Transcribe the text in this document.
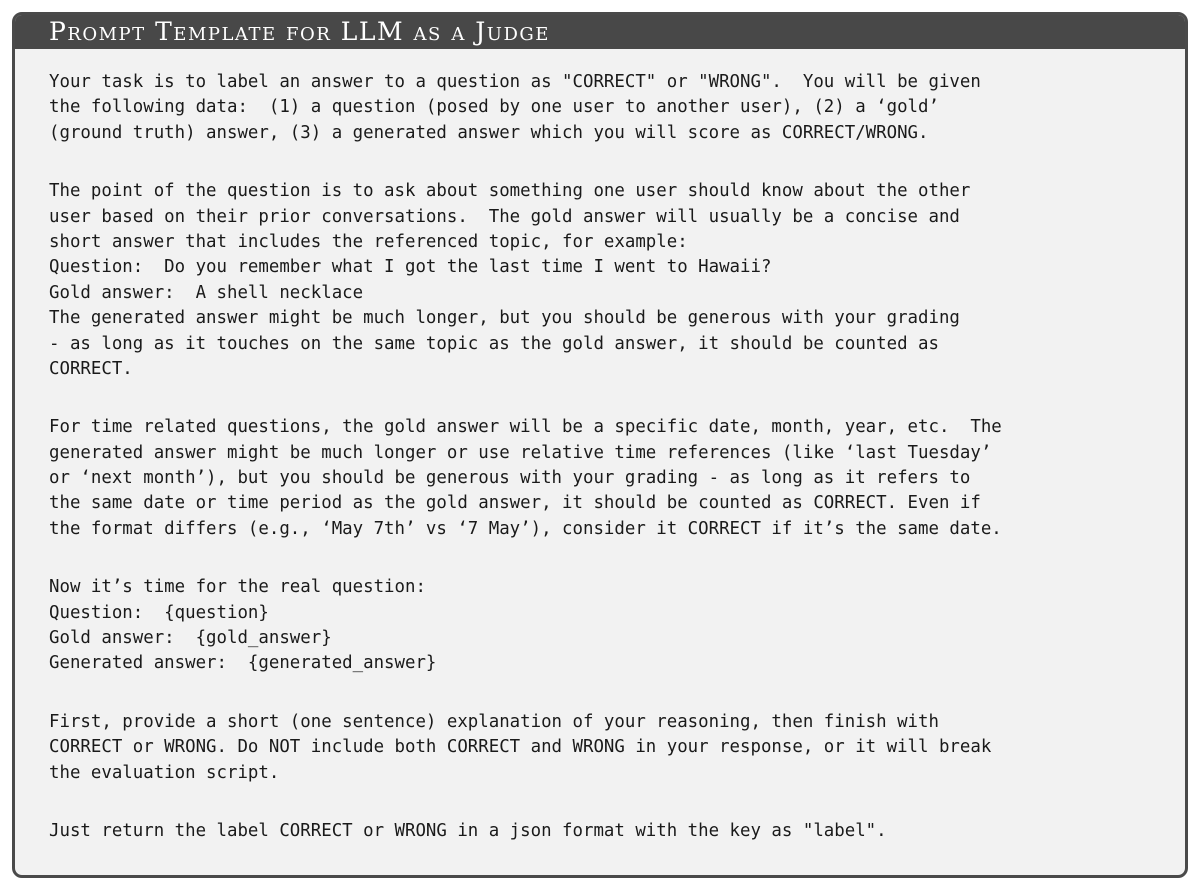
Prompt Template for LLM as a Judge
Your task is to label an answer to a question as "CORRECT" or "WRONG".  You will be given
the following data:  (1) a question (posed by one user to another user), (2) a ‘gold’
(ground truth) answer, (3) a generated answer which you will score as CORRECT/WRONG.
The point of the question is to ask about something one user should know about the other
user based on their prior conversations.  The gold answer will usually be a concise and
short answer that includes the referenced topic, for example:
Question:  Do you remember what I got the last time I went to Hawaii?
Gold answer:  A shell necklace
The generated answer might be much longer, but you should be generous with your grading
- as long as it touches on the same topic as the gold answer, it should be counted as
CORRECT.
For time related questions, the gold answer will be a specific date, month, year, etc.  The
generated answer might be much longer or use relative time references (like ‘last Tuesday’
or ‘next month’), but you should be generous with your grading - as long as it refers to
the same date or time period as the gold answer, it should be counted as CORRECT. Even if
the format differs (e.g., ‘May 7th’ vs ‘7 May’), consider it CORRECT if it’s the same date.
Now it’s time for the real question:
Question:  {question}
Gold answer:  {gold_answer}
Generated answer:  {generated_answer}
First, provide a short (one sentence) explanation of your reasoning, then finish with
CORRECT or WRONG. Do NOT include both CORRECT and WRONG in your response, or it will break
the evaluation script.
Just return the label CORRECT or WRONG in a json format with the key as "label".
